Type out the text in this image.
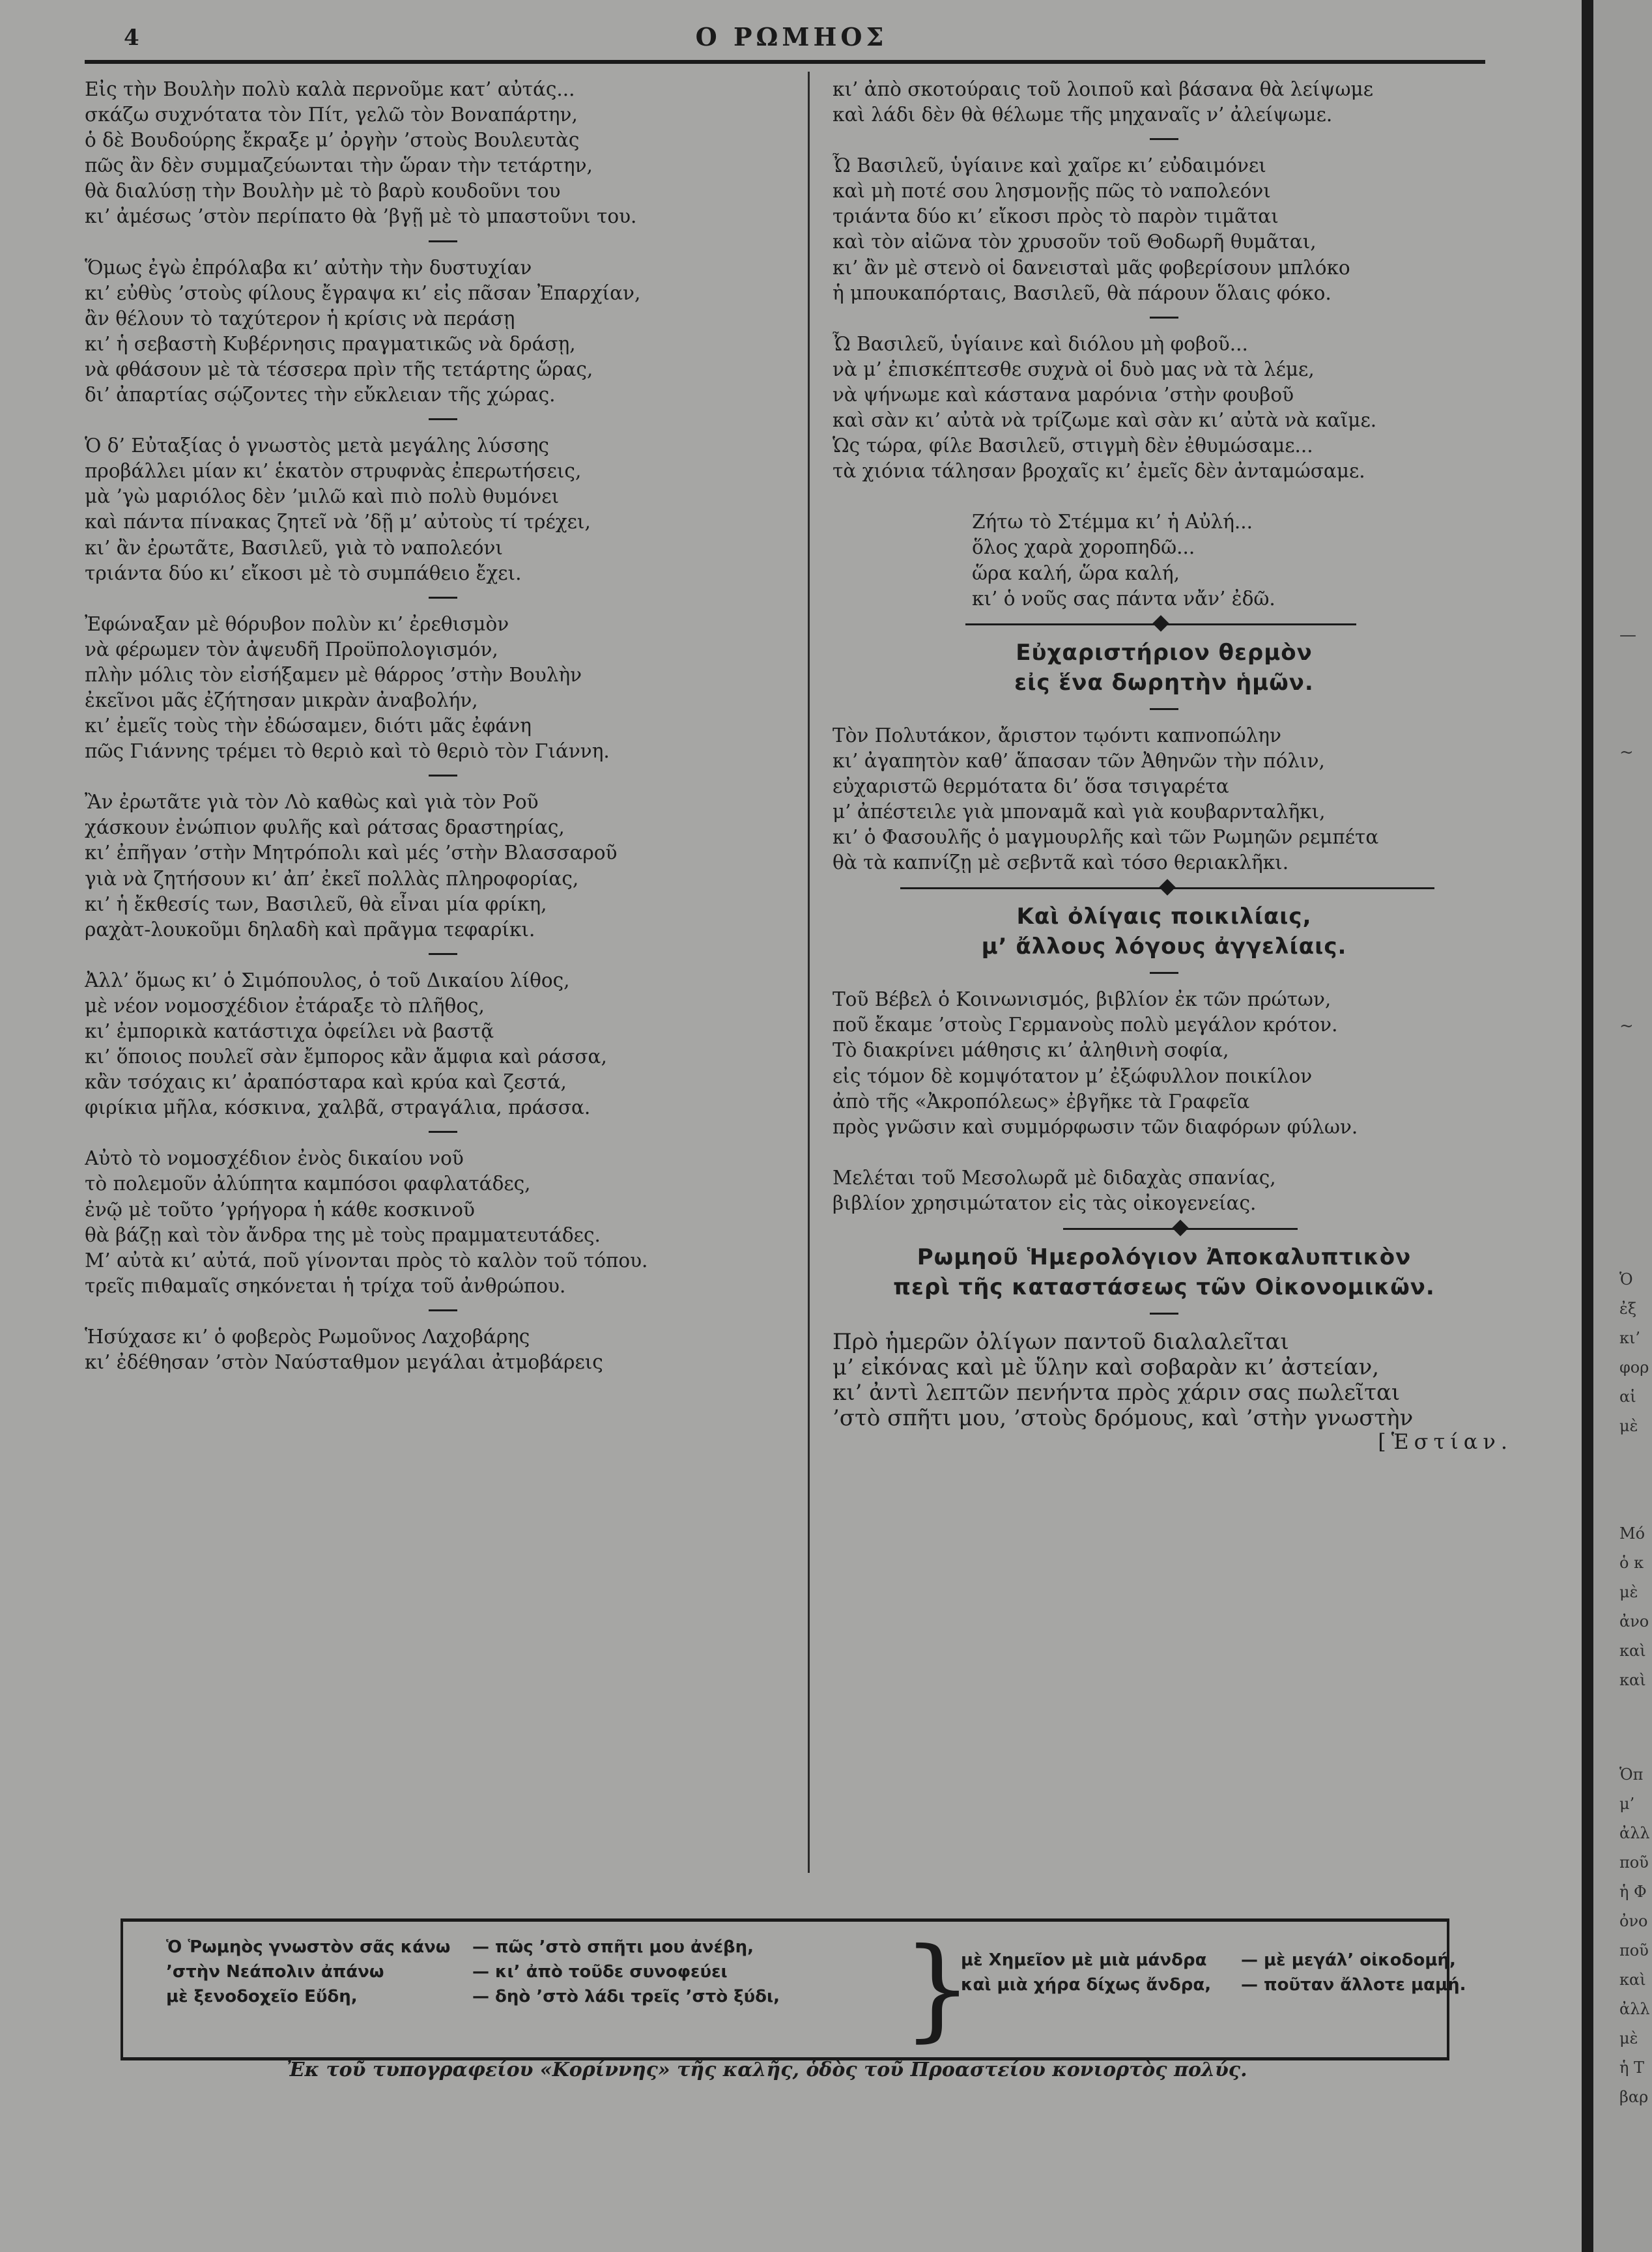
4	Ο ΡΩΜΗΟΣ
Εἰς τὴν Βουλὴν πολὺ καλὰ περνοῦμε κατ’ αὐτάς...
σκάζω συχνότατα τὸν Πίτ, γελῶ τὸν Βοναπάρτην,
ὁ δὲ Βουδούρης ἔκραξε μ’ ὀργὴν ’στοὺς Βουλευτὰς
πῶς ἂν δὲν συμμαζεύωνται τὴν ὥραν τὴν τετάρτην,
θὰ διαλύσῃ τὴν Βουλὴν μὲ τὸ βαρὺ κουδοῦνι του
κι’ ἀμέσως ’στὸν περίπατο θὰ ’βγῇ μὲ τὸ μπαστοῦνι του.
Ὅμως ἐγὼ ἐπρόλαβα κι’ αὐτὴν τὴν δυστυχίαν
κι’ εὐθὺς ’στοὺς φίλους ἔγραψα κι’ εἰς πᾶσαν Ἐπαρχίαν,
ἂν θέλουν τὸ ταχύτερον ἡ κρίσις νὰ περάσῃ
κι’ ἡ σεβαστὴ Κυβέρνησις πραγματικῶς νὰ δράσῃ,
νὰ φθάσουν μὲ τὰ τέσσερα πρὶν τῆς τετάρτης ὥρας,
δι’ ἀπαρτίας σῴζοντες τὴν εὔκλειαν τῆς χώρας.
Ὁ δ’ Εὐταξίας ὁ γνωστὸς μετὰ μεγάλης λύσσης
προβάλλει μίαν κι’ ἑκατὸν στρυφνὰς ἐπερωτήσεις,
μὰ ’γὼ μαριόλος δὲν ’μιλῶ καὶ πιὸ πολὺ θυμόνει
καὶ πάντα πίνακας ζητεῖ νὰ ’δῇ μ’ αὐτοὺς τί τρέχει,
κι’ ἂν ἐρωτᾶτε, Βασιλεῦ, γιὰ τὸ ναπολεόνι
τριάντα δύο κι’ εἴκοσι μὲ τὸ συμπάθειο ἔχει.
Ἐφώναξαν μὲ θόρυβον πολὺν κι’ ἐρεθισμὸν
νὰ φέρωμεν τὸν ἀψευδῆ Προϋπολογισμόν,
πλὴν μόλις τὸν εἰσήξαμεν μὲ θάρρος ’στὴν Βουλὴν
ἐκεῖνοι μᾶς ἐζήτησαν μικρὰν ἀναβολήν,
κι’ ἐμεῖς τοὺς τὴν ἐδώσαμεν, διότι μᾶς ἐφάνη
πῶς Γιάννης τρέμει τὸ θεριὸ καὶ τὸ θεριὸ τὸν Γιάννη.
Ἂν ἐρωτᾶτε γιὰ τὸν Λὸ καθὼς καὶ γιὰ τὸν Ροῦ
χάσκουν ἐνώπιον φυλῆς καὶ ράτσας δραστηρίας,
κι’ ἐπῆγαν ’στὴν Μητρόπολι καὶ μές ’στὴν Βλασσαροῦ
γιὰ νὰ ζητήσουν κι’ ἀπ’ ἐκεῖ πολλὰς πληροφορίας,
κι’ ἡ ἔκθεσίς των, Βασιλεῦ, θὰ εἶναι μία φρίκη,
ραχὰτ-λουκοῦμι δηλαδὴ καὶ πρᾶγμα τεφαρίκι.
Ἀλλ’ ὅμως κι’ ὁ Σιμόπουλος, ὁ τοῦ Δικαίου λίθος,
μὲ νέον νομοσχέδιον ἐτάραξε τὸ πλῆθος,
κι’ ἐμπορικὰ κατάστιχα ὀφείλει νὰ βαστᾷ
κι’ ὅποιος πουλεῖ σὰν ἔμπορος κἂν ἄμφια καὶ ράσσα,
κἂν τσόχαις κι’ ἀραπόσταρα καὶ κρύα καὶ ζεστά,
φιρίκια μῆλα, κόσκινα, χαλβᾶ, στραγάλια, πράσσα.
Αὐτὸ τὸ νομοσχέδιον ἐνὸς δικαίου νοῦ
τὸ πολεμοῦν ἀλύπητα καμπόσοι φαφλατάδες,
ἐνῷ μὲ τοῦτο ’γρήγορα ἡ κάθε κοσκινοῦ
θὰ βάζῃ καὶ τὸν ἄνδρα της μὲ τοὺς πραμματευτάδες.
Μ’ αὐτὰ κι’ αὐτά, ποῦ γίνονται πρὸς τὸ καλὸν τοῦ τόπου.
τρεῖς πιθαμαῖς σηκόνεται ἡ τρίχα τοῦ ἀνθρώπου.
Ἡσύχασε κι’ ὁ φοβερὸς Ρωμοῦνος Λαχοβάρης
κι’ ἐδέθησαν ’στὸν Ναύσταθμον μεγάλαι ἀτμοβάρεις
κι’ ἀπὸ σκοτούραις τοῦ λοιποῦ καὶ βάσανα θὰ λείψωμε
καὶ λάδι δὲν θὰ θέλωμε τῆς μηχαναῖς ν’ ἀλείψωμε.
Ὦ Βασιλεῦ, ὑγίαινε καὶ χαῖρε κι’ εὐδαιμόνει
καὶ μὴ ποτέ σου λησμονῇς πῶς τὸ ναπολεόνι
τριάντα δύο κι’ εἴκοσι πρὸς τὸ παρὸν τιμᾶται
καὶ τὸν αἰῶνα τὸν χρυσοῦν τοῦ Θοδωρῆ θυμᾶται,
κι’ ἂν μὲ στενὸ οἱ δανεισταὶ μᾶς φοβερίσουν μπλόκο
ἡ μπουκαπόρταις, Βασιλεῦ, θὰ πάρουν ὅλαις φόκο.
Ὦ Βασιλεῦ, ὑγίαινε καὶ διόλου μὴ φοβοῦ...
νὰ μ’ ἐπισκέπτεσθε συχνὰ οἱ δυὸ μας νὰ τὰ λέμε,
νὰ ψήνωμε καὶ κάστανα μαρόνια ’στὴν φουβοῦ
καὶ σὰν κι’ αὐτὰ νὰ τρίζωμε καὶ σὰν κι’ αὐτὰ νὰ καῖμε.
Ὡς τώρα, φίλε Βασιλεῦ, στιγμὴ δὲν ἐθυμώσαμε...
τὰ χιόνια τάλησαν βροχαῖς κι’ ἐμεῖς δὲν ἀνταμώσαμε.
Ζήτω τὸ Στέμμα κι’ ἡ Αὐλή...
ὅλος χαρὰ χοροπηδῶ...
ὥρα καλή, ὥρα καλή,
κι’ ὁ νοῦς σας πάντα νἄν’ ἐδῶ.
Εὐχαριστήριον θερμὸν
εἰς ἕνα δωρητὴν ἡμῶν.
Τὸν Πολυτάκον, ἄριστον τῳόντι καπνοπώλην
κι’ ἀγαπητὸν καθ’ ἅπασαν τῶν Ἀθηνῶν τὴν πόλιν,
εὐχαριστῶ θερμότατα δι’ ὅσα τσιγαρέτα
μ’ ἀπέστειλε γιὰ μποναμᾶ καὶ γιὰ κουβαρνταλῆκι,
κι’ ὁ Φασουλῆς ὁ μαγμουρλῆς καὶ τῶν Ρωμηῶν ρεμπέτα
θὰ τὰ καπνίζῃ μὲ σεβντᾶ καὶ τόσο θεριακλῆκι.
Καὶ ὀλίγαις ποικιλίαις,
μ’ ἄλλους λόγους ἀγγελίαις.
Τοῦ Βέβελ ὁ Κοινωνισμός, βιβλίον ἐκ τῶν πρώτων,
ποῦ ἔκαμε ’στοὺς Γερμανοὺς πολὺ μεγάλον κρότον.
Τὸ διακρίνει μάθησις κι’ ἀληθινὴ σοφία,
εἰς τόμον δὲ κομψότατον μ’ ἐξώφυλλον ποικίλον
ἀπὸ τῆς «Ἀκροπόλεως» ἐβγῆκε τὰ Γραφεῖα
πρὸς γνῶσιν καὶ συμμόρφωσιν τῶν διαφόρων φύλων.
Μελέται τοῦ Μεσολωρᾶ μὲ διδαχὰς σπανίας,
βιβλίον χρησιμώτατον εἰς τὰς οἰκογενείας.
Ρωμηοῦ Ἡμερολόγιον Ἀποκαλυπτικὸν
περὶ τῆς καταστάσεως τῶν Οἰκονομικῶν.
Πρὸ ἡμερῶν ὀλίγων παντοῦ διαλαλεῖται
μ’ εἰκόνας καὶ μὲ ὕλην καὶ σοβαρὰν κι’ ἀστείαν,
κι’ ἀντὶ λεπτῶν πενήντα πρὸς χάριν σας πωλεῖται
’στὸ σπῆτι μου, ’στοὺς δρόμους, καὶ ’στὴν γνωστὴν
[Ἑστίαν.
Ὁ Ῥωμηὸς γνωστὸν σᾶς κάνω
’στὴν Νεάπολιν ἀπάνω
μὲ ξενοδοχεῖο Εὔδη,
— πῶς ’στὸ σπῆτι μου ἀνέβη,
— κι’ ἀπὸ τοῦδε συνοφεύει
— δηὸ ’στὸ λάδι τρεῖς ’στὸ ξύδι, }
μὲ Χημεῖον μὲ μιὰ μάνδρα
καὶ μιὰ χήρα δίχως ἄνδρα,
— μὲ μεγάλ’ οἰκοδομή,
— ποῦταν ἄλλοτε μαμή.
Ἐκ τοῦ τυπογραφείου «Κορίννης» τῆς καλῆς, ὁδὸς τοῦ Προαστείου κονιορτὸς πολύς.
—
~
~
Ὁ
ἐξ
κι’
φορ
αἱ
μὲ
Μό
ὁ κ
μὲ
ἀνο
καὶ
καὶ
Ὁπ
μ’
ἀλλ
ποῦ
ἡ Φ
ὀνο
ποῦ
καὶ
ἀλλ
μὲ
ἡ Τ
βαρ
